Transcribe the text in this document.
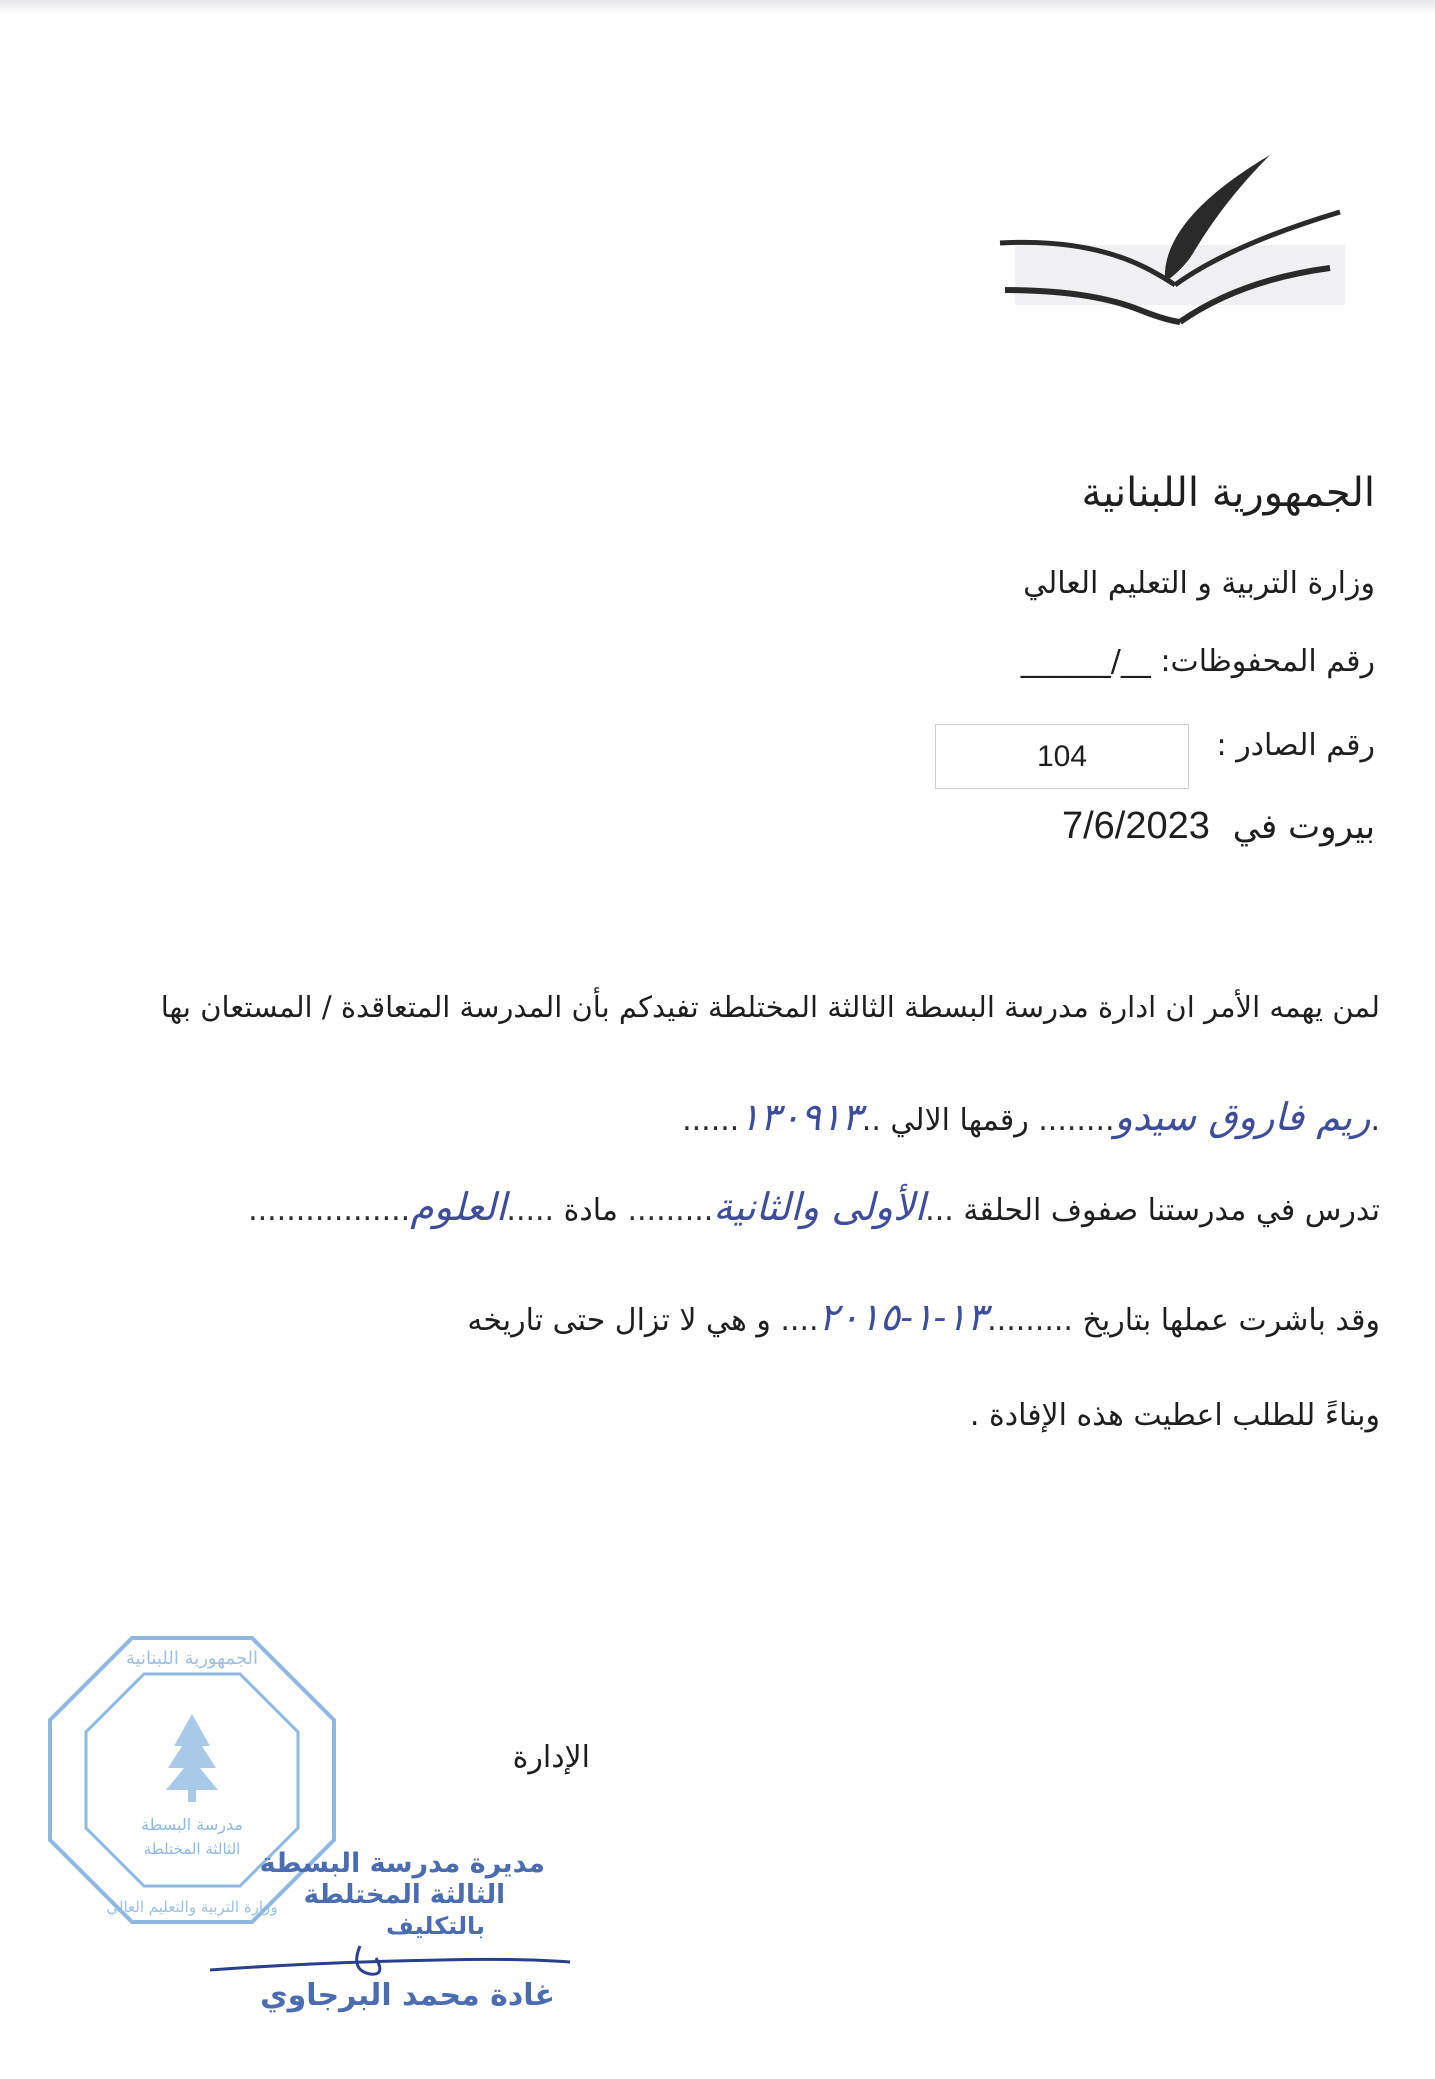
الجمهورية اللبنانية
وزارة التربية و التعليم العالي
رقم المحفوظات: ______/__
رقم الصادر :
104
بيروت في 7/6/2023
لمن يهمه الأمر ان ادارة مدرسة البسطة الثالثة المختلطة تفيدكم بأن المدرسة المتعاقدة / المستعان بها
.ريم فاروق سيدو........ رقمها الالي ..١٣٠٩١٣......
تدرس في مدرستنا صفوف الحلقة ...الأولى والثانية......... مادة .....العلوم.................
وقد باشرت عملها بتاريخ .........١٣-١-٢٠١٥.... و هي لا تزال حتى تاريخه
وبناءً للطلب اعطيت هذه الإفادة .
الإدارة
مدرسة البسطة
الثالثة المختلطة
الجمهورية اللبنانية
وزارة التربية والتعليم العالي
مديرة مدرسة البسطة
الثالثة المختلطة
بالتكليف
غادة محمد البرجاوي
